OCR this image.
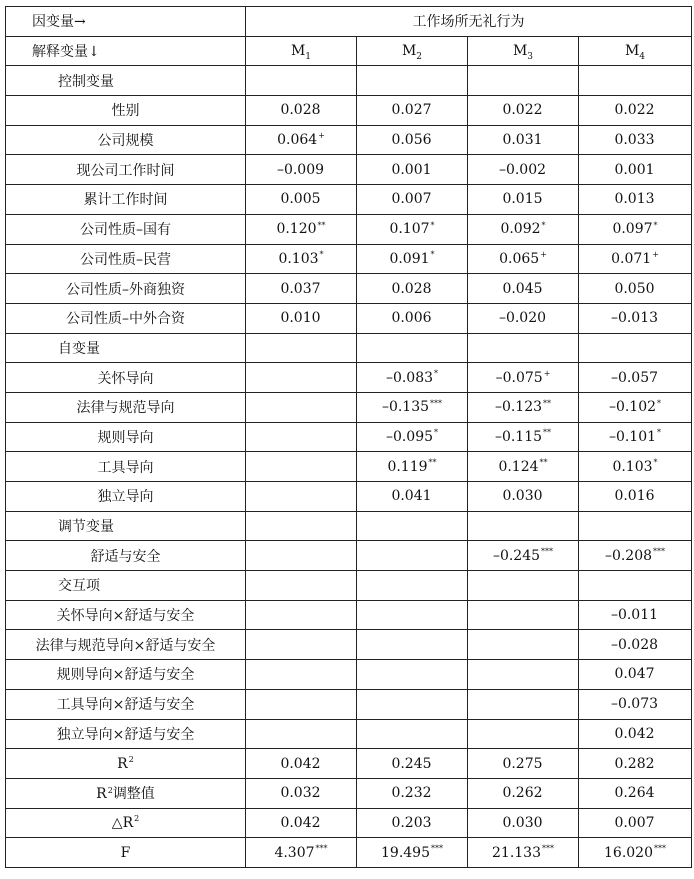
因变量→	工作场所无礼行为			
解释变量↓	$M_1$	$M_2$	$M_3$	$M_4$
控制变量				
性别	0.028	0.027	0.022	0.022
公司规模	0.064+	0.056	0.031	0.033
现公司工作时间	–0.009	0.001	–0.002	0.001
累计工作时间	0.005	0.007	0.015	0.013
公司性质–国有	0.120**	0.107*	0.092*	0.097*
公司性质–民营	0.103*	0.091*	0.065+	0.071+
公司性质–外商独资	0.037	0.028	0.045	0.050
公司性质–中外合资	0.010	0.006	–0.020	–0.013
自变量				
关怀导向		–0.083*	–0.075+	–0.057
法律与规范导向		–0.135***	–0.123**	–0.102*
规则导向		–0.095*	–0.115**	–0.101*
工具导向		0.119**	0.124**	0.103*
独立导向		0.041	0.030	0.016
调节变量				
舒适与安全			–0.245***	–0.208***
交互项				
关怀导向×舒适与安全				–0.011
法律与规范导向×舒适与安全				–0.028
规则导向×舒适与安全				0.047
工具导向×舒适与安全				–0.073
独立导向×舒适与安全				0.042
$R^2$	0.042	0.245	0.275	0.282
$R^2$调整值	0.032	0.232	0.262	0.264
$\triangle R^2$	0.042	0.203	0.030	0.007
F	4.307***	19.495***	21.133***	16.020***
